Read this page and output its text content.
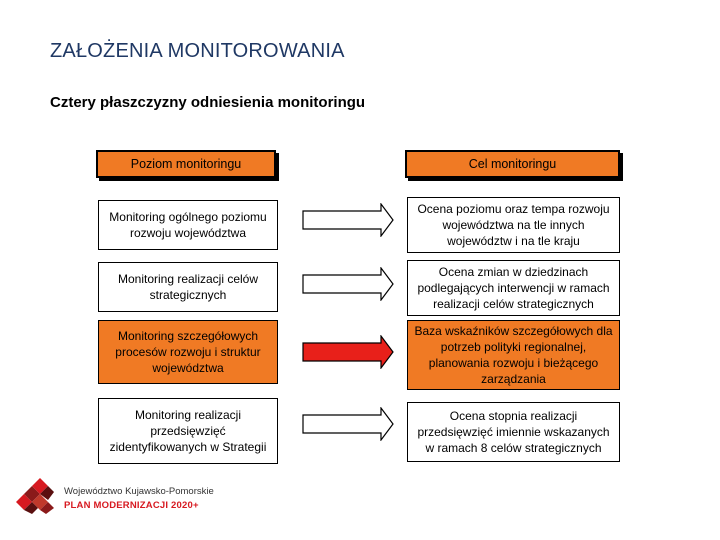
ZAŁOŻENIA MONITOROWANIA
Cztery płaszczyzny odniesienia monitoringu
Poziom monitoringu	Cel monitoringu
Monitoring ogólnego poziomu rozwoju województwa
Ocena poziomu oraz tempa rozwoju województwa na tle innych województw i na tle kraju
Monitoring realizacji celów strategicznych
Ocena zmian w dziedzinach podlegających interwencji w ramach realizacji celów strategicznych
Monitoring szczegółowych procesów rozwoju i struktur województwa
Baza wskaźników szczegółowych dla potrzeb polityki regionalnej, planowania rozwoju i bieżącego zarządzania
Monitoring realizacji przedsięwzięć zidentyfikowanych w Strategii
Ocena stopnia realizacji przedsięwzięć imiennie wskazanych w ramach 8 celów strategicznych
Województwo Kujawsko-Pomorskie
PLAN MODERNIZACJI 2020+
